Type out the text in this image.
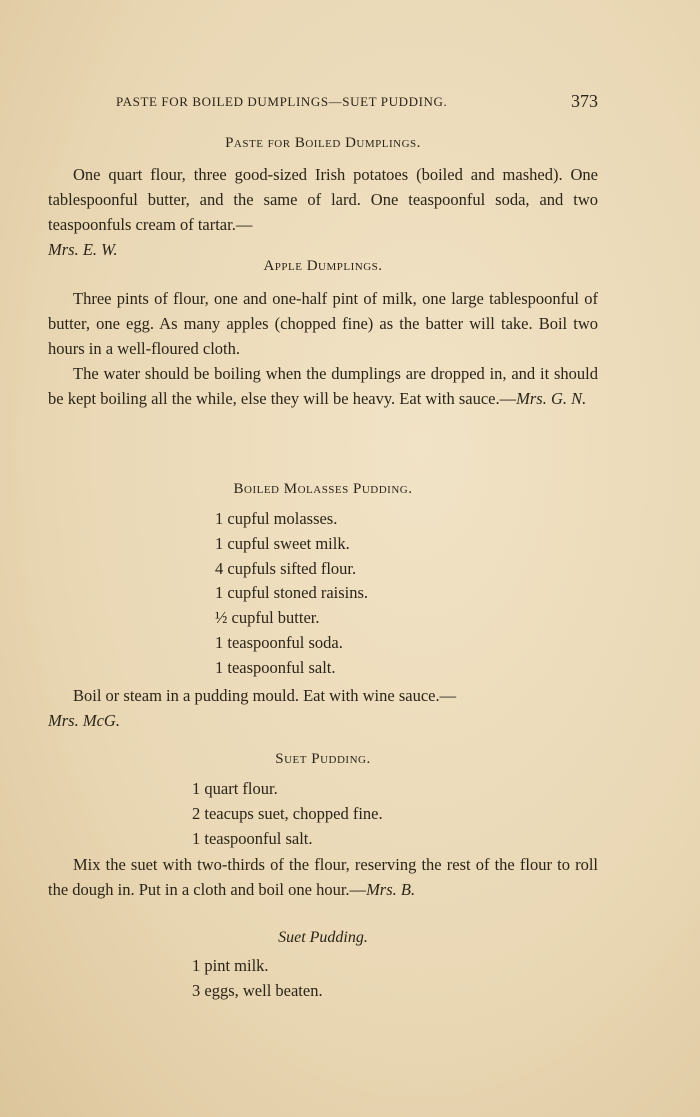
PASTE FOR BOILED DUMPLINGS—SUET PUDDING.	373
Paste for Boiled Dumplings.

One quart flour, three good-sized Irish potatoes (boiled and mashed). One tablespoonful butter, and the same of lard. One teaspoonful soda, and two teaspoonfuls cream of tartar.—
Mrs. E. W.

Apple Dumplings.

Three pints of flour, one and one-half pint of milk, one large tablespoonful of butter, one egg. As many apples (chopped fine) as the batter will take. Boil two hours in a well-floured cloth.

The water should be boiling when the dumplings are dropped in, and it should be kept boiling all the while, else they will be heavy. Eat with sauce.—Mrs. G. N.

Boiled Molasses Pudding.
1 cupful molasses.
1 cupful sweet milk.
4 cupfuls sifted flour.
1 cupful stoned raisins.
½ cupful butter.
1 teaspoonful soda.
1 teaspoonful salt.

Boil or steam in a pudding mould. Eat with wine sauce.—
Mrs. McG.

Suet Pudding.
1 quart flour.
2 teacups suet, chopped fine.
1 teaspoonful salt.

Mix the suet with two-thirds of the flour, reserving the rest of the flour to roll the dough in. Put in a cloth and boil one hour.—Mrs. B.

Suet Pudding.
1 pint milk.
3 eggs, well beaten.
